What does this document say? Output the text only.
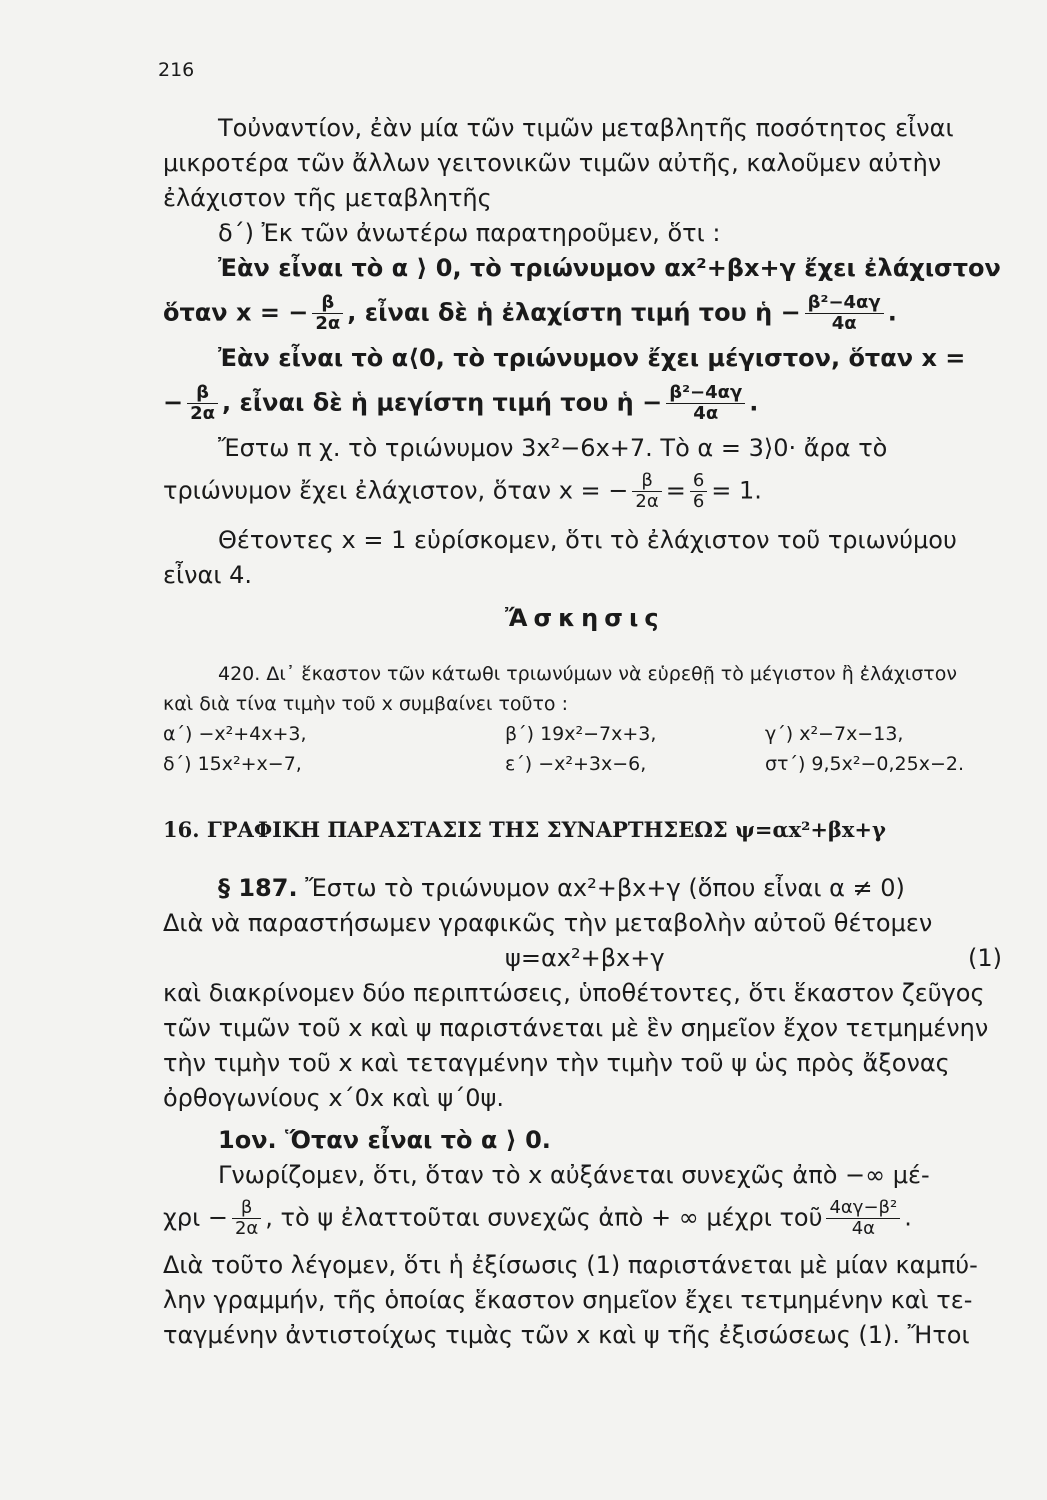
216
Τοὐναντίον, ἐὰν μία τῶν τιμῶν μεταβλητῆς ποσότητος εἶναι
μικροτέρα τῶν ἄλλων γειτονικῶν τιμῶν αὐτῆς, καλοῦμεν αὐτὴν
ἐλάχιστον τῆς μεταβλητῆς
δ΄) Ἐκ τῶν ἀνωτέρω παρατηροῦμεν, ὅτι :
Ἐὰν εἶναι τὸ α ⟩ 0, τὸ τριώνυμον αx²+βx+γ ἔχει ἐλάχιστον
ὅταν x = − $\frac{\beta}{2\alpha}$ , εἶναι δὲ ἡ ἐλαχίστη τιμή του ἡ − $\frac{\text{β²−4αγ}}{4\alpha}$ .
Ἐὰν εἶναι τὸ α⟨0, τὸ τριώνυμον ἔχει μέγιστον, ὅταν x =
− $\frac{\beta}{2\alpha}$ , εἶναι δὲ ἡ μεγίστη τιμή του ἡ − $\frac{\text{β²−4αγ}}{4\alpha}$ .
Ἔστω π χ. τὸ τριώνυμον 3x²−6x+7. Τὸ α = 3⟩0· ἄρα τὸ
τριώνυμον ἔχει ἐλάχιστον, ὅταν x = − $\frac{\beta}{2\alpha} = \frac{6}{6} = 1$.
Θέτοντες x = 1 εὑρίσκομεν, ὅτι τὸ ἐλάχιστον τοῦ τριωνύμου
εἶναι 4.
Ἄσκησις
420. Δι᾽ ἕκαστον τῶν κάτωθι τριωνύμων νὰ εὑρεθῇ τὸ μέγιστον ἢ ἐλάχιστον
καὶ διὰ τίνα τιμὴν τοῦ x συμβαίνει τοῦτο :
α΄) −x²+4x+3,	β΄) 19x²−7x+3,	γ΄) x²−7x−13,
δ΄) 15x²+x−7,	ε΄) −x²+3x−6,	στ΄) 9,5x²−0,25x−2.
16. ΓΡΑΦΙΚΗ ΠΑΡΑΣΤΑΣΙΣ ΤΗΣ ΣΥΝΑΡΤΗΣΕΩΣ ψ=αx²+βx+γ
§ 187. Ἔστω τὸ τριώνυμον αx²+βx+γ (ὅπου εἶναι α ≠ 0)
Διὰ νὰ παραστήσωμεν γραφικῶς τὴν μεταβολὴν αὐτοῦ θέτομεν
ψ=αx²+βx+γ	(1)
καὶ διακρίνομεν δύο περιπτώσεις, ὑποθέτοντες, ὅτι ἕκαστον ζεῦγος
τῶν τιμῶν τοῦ x καὶ ψ παριστάνεται μὲ ἓν σημεῖον ἔχον τετμημένην
τὴν τιμὴν τοῦ x καὶ τεταγμένην τὴν τιμὴν τοῦ ψ ὡς πρὸς ἄξονας
ὀρθογωνίους x΄0x καὶ ψ΄0ψ.
1ον. Ὅταν εἶναι τὸ α ⟩ 0.
Γνωρίζομεν, ὅτι, ὅταν τὸ x αὐξάνεται συνεχῶς ἀπὸ −∞ μέ-
$\chi\rho\iota - \frac{\beta}{2\alpha}$ , τὸ ψ ἐλαττοῦται συνεχῶς ἀπὸ + ∞ μέχρι τοῦ $\frac{\text{4αγ−β²}}{4\alpha}$ .
Διὰ τοῦτο λέγομεν, ὅτι ἡ ἐξίσωσις (1) παριστάνεται μὲ μίαν καμπύ-
λην γραμμήν, τῆς ὁποίας ἕκαστον σημεῖον ἔχει τετμημένην καὶ τε-
ταγμένην ἀντιστοίχως τιμὰς τῶν x καὶ ψ τῆς ἐξισώσεως (1). Ἤτοι
